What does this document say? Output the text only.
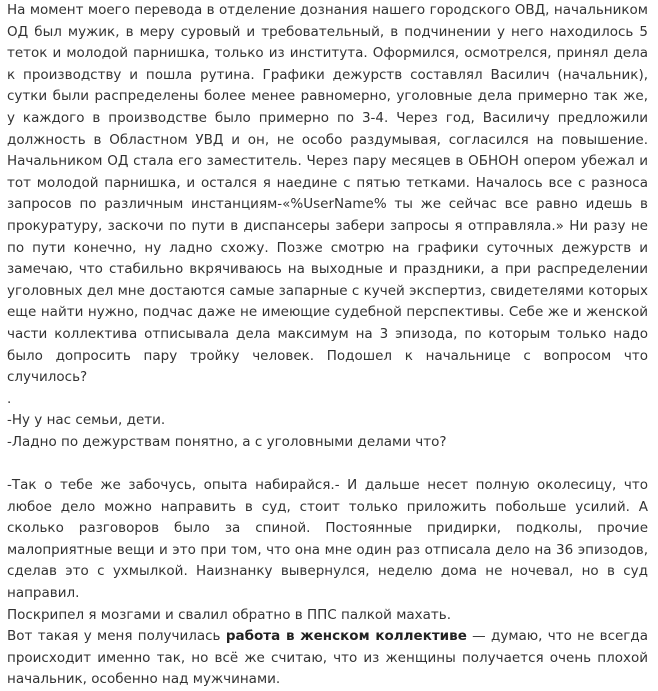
На момент моего перевода в отделение дознания нашего городского ОВД, начальником ОД был мужик, в меру суровый и требовательный, в подчинении у него находилось 5 теток и молодой парнишка, только из института. Оформился, осмотрелся, принял дела к производству и пошла рутина. Графики дежурств составлял Василич (начальник), сутки были распределены более менее равномерно, уголовные дела примерно так же, у каждого в производстве было примерно по 3-4. Через год, Василичу предложили должность в Областном УВД и он, не особо раздумывая, согласился на повышение. Начальником ОД стала его заместитель. Через пару месяцев в ОБНОН опером убежал и тот молодой парнишка, и остался я наедине с пятью тетками. Началось все с разноса запросов по различным инстанциям-«%UserName% ты же сейчас все равно идешь в прокуратуру, заскочи по пути в диспансеры забери запросы я отправляла.» Ни разу не по пути конечно, ну ладно схожу. Позже смотрю на графики суточных дежурств и замечаю, что стабильно вкрячиваюсь на выходные и праздники, а при распределении уголовных дел мне достаются самые запарные с кучей экспертиз, свидетелями которых еще найти нужно, подчас даже не имеющие судебной перспективы. Себе же и женской части коллектива отписывала дела максимум на 3 эпизода, по которым только надо было допросить пару тройку человек. Подошел к начальнице с вопросом что случилось?

.

-Ну у нас семьи, дети.

-Ладно по дежурствам понятно, а с уголовными делами что?

-Так о тебе же забочусь, опыта набирайся.- И дальше несет полную околесицу, что любое дело можно направить в суд, стоит только приложить побольше усилий. А сколько разговоров было за спиной. Постоянные придирки, подколы, прочие малоприятные вещи и это при том, что она мне один раз отписала дело на 36 эпизодов, сделав это с ухмылкой. Наизнанку вывернулся, неделю дома не ночевал, но в суд направил.

Поскрипел я мозгами и свалил обратно в ППС палкой махать.

Вот такая у меня получилась работа в женском коллективе — думаю, что не всегда происходит именно так, но всё же считаю, что из женщины получается очень плохой начальник, особенно над мужчинами.
